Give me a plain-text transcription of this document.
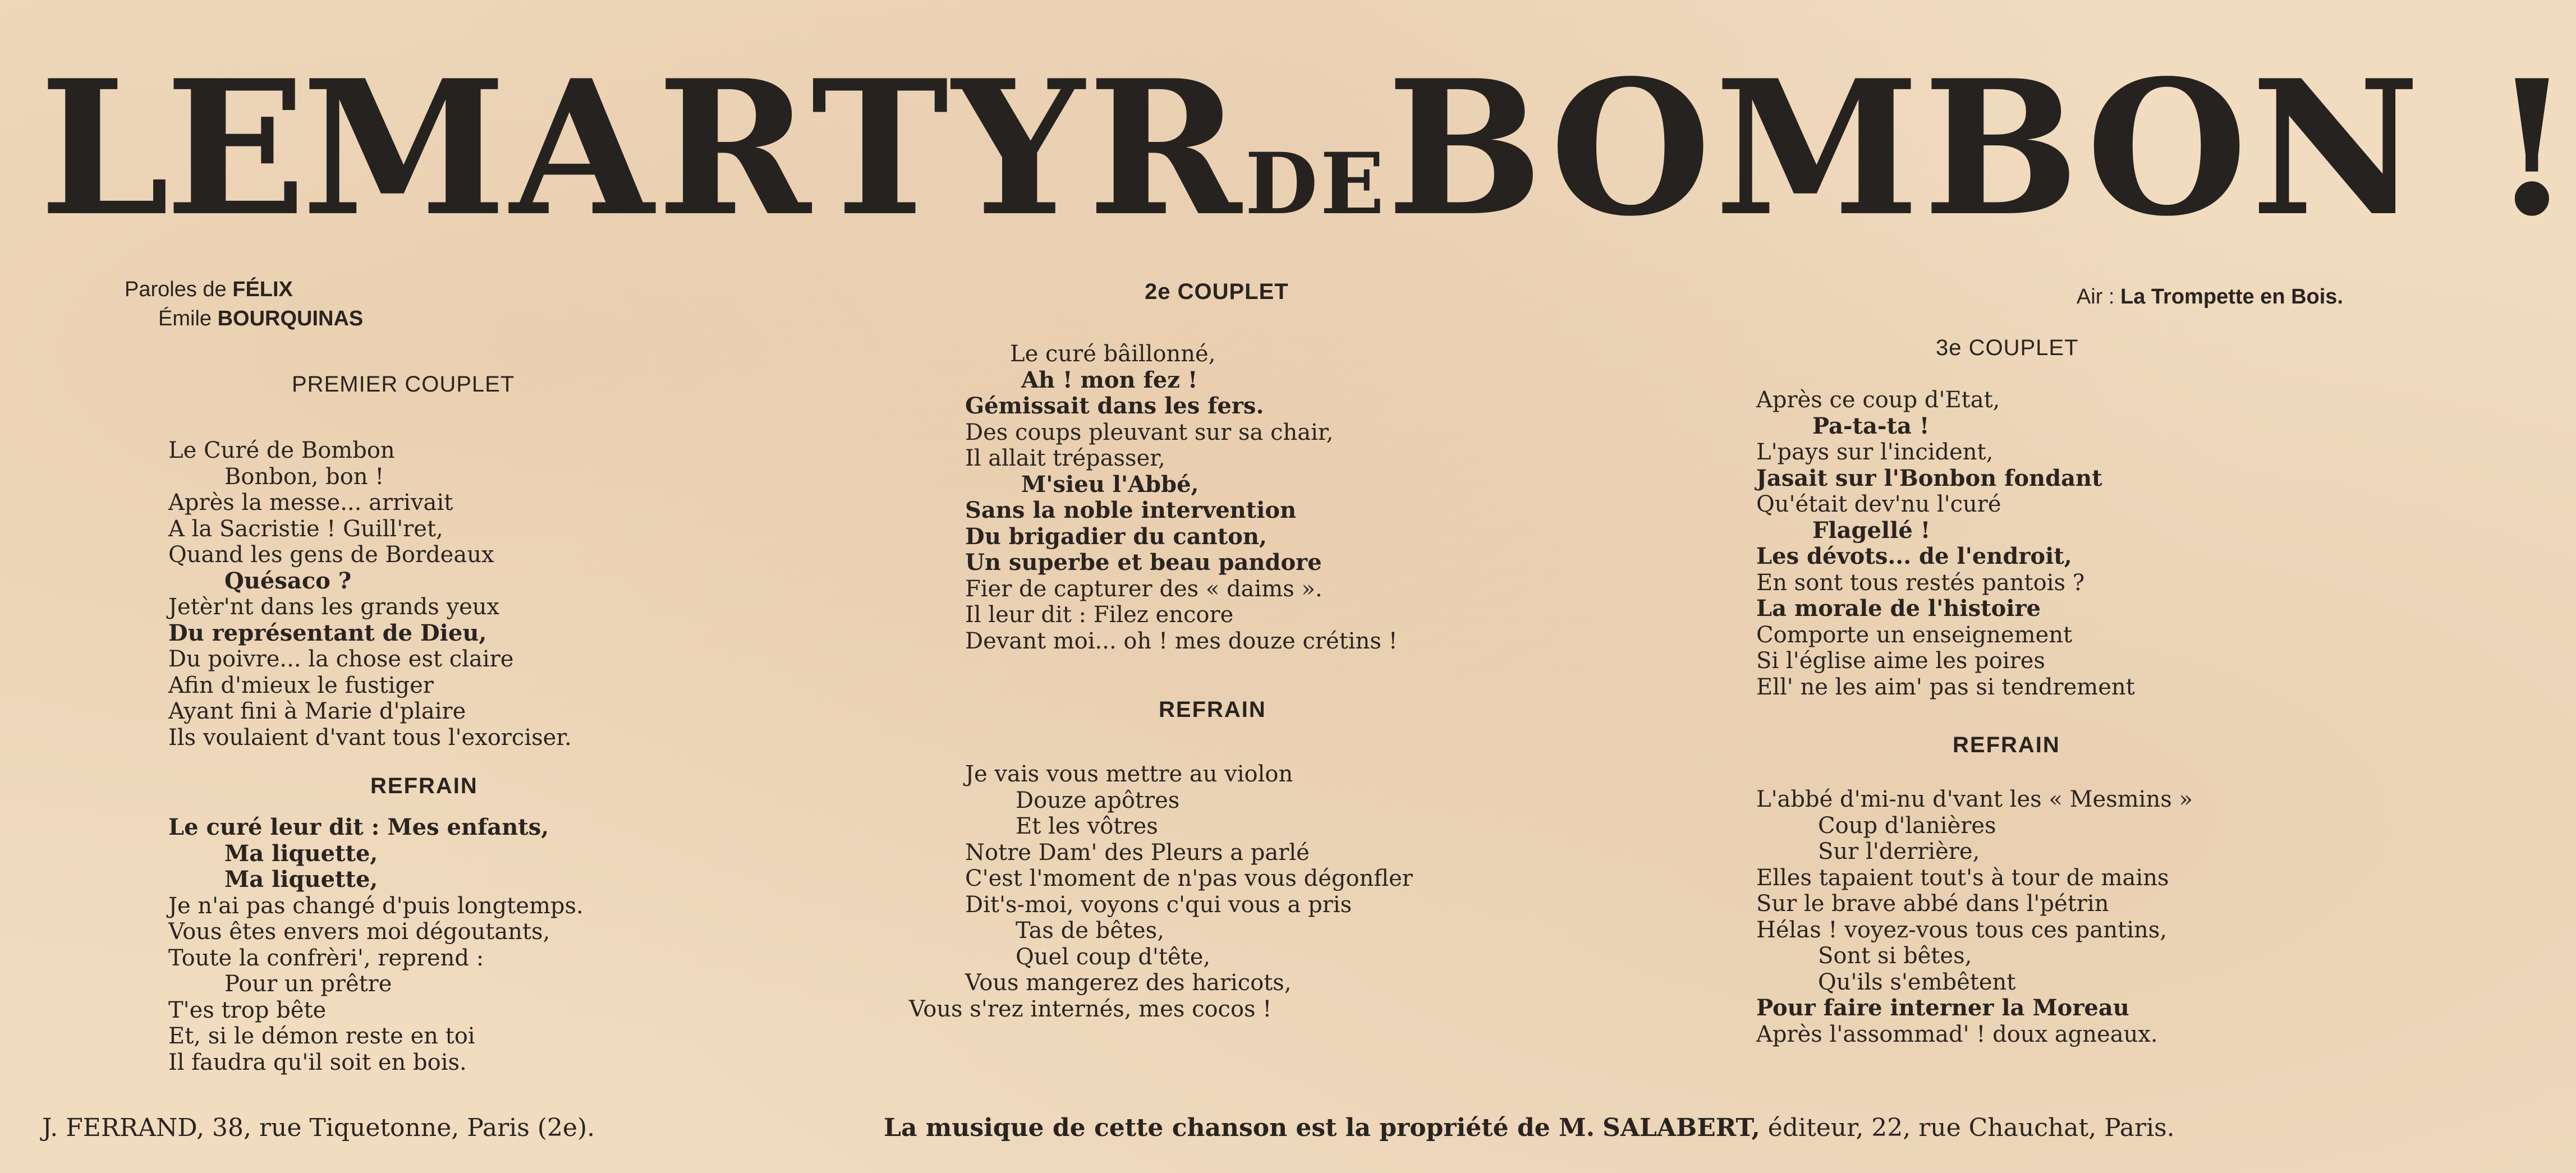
LE MARTYR DE BOMBON !
Paroles de FÉLIX
Émile BOURQUINAS
Air : La Trompette en Bois.
PREMIER COUPLET
Le Curé de Bombon
Bonbon, bon !
Après la messe... arrivait
A la Sacristie ! Guill'ret,
Quand les gens de Bordeaux
Quésaco ?
Jetèr'nt dans les grands yeux
Du représentant de Dieu,
Du poivre... la chose est claire
Afin d'mieux le fustiger
Ayant fini à Marie d'plaire
Ils voulaient d'vant tous l'exorciser.
REFRAIN
Le curé leur dit : Mes enfants,
Ma liquette,
Ma liquette,
Je n'ai pas changé d'puis longtemps.
Vous êtes envers moi dégoutants,
Toute la confrèri', reprend :
Pour un prêtre
T'es trop bête
Et, si le démon reste en toi
Il faudra qu'il soit en bois.
2e COUPLET
Le curé bâillonné,
Ah ! mon fez !
Gémissait dans les fers.
Des coups pleuvant sur sa chair,
Il allait trépasser,
M'sieu l'Abbé,
Sans la noble intervention
Du brigadier du canton,
Un superbe et beau pandore
Fier de capturer des « daims ».
Il leur dit : Filez encore
Devant moi... oh ! mes douze crétins !
REFRAIN
Je vais vous mettre au violon
Douze apôtres
Et les vôtres
Notre Dam' des Pleurs a parlé
C'est l'moment de n'pas vous dégonfler
Dit's-moi, voyons c'qui vous a pris
Tas de bêtes,
Quel coup d'tête,
Vous mangerez des haricots,
Vous s'rez internés, mes cocos !
3e COUPLET
Après ce coup d'Etat,
Pa-ta-ta !
L'pays sur l'incident,
Jasait sur l'Bonbon fondant
Qu'était dev'nu l'curé
Flagellé !
Les dévots... de l'endroit,
En sont tous restés pantois ?
La morale de l'histoire
Comporte un enseignement
Si l'église aime les poires
Ell' ne les aim' pas si tendrement
REFRAIN
L'abbé d'mi-nu d'vant les « Mesmins »
Coup d'lanières
Sur l'derrière,
Elles tapaient tout's à tour de mains
Sur le brave abbé dans l'pétrin
Hélas ! voyez-vous tous ces pantins,
Sont si bêtes,
Qu'ils s'embêtent
Pour faire interner la Moreau
Après l'assommad' ! doux agneaux.
J. FERRAND, 38, rue Tiquetonne, Paris (2e).	La musique de cette chanson est la propriété de M. SALABERT, éditeur, 22, rue Chauchat, Paris.
